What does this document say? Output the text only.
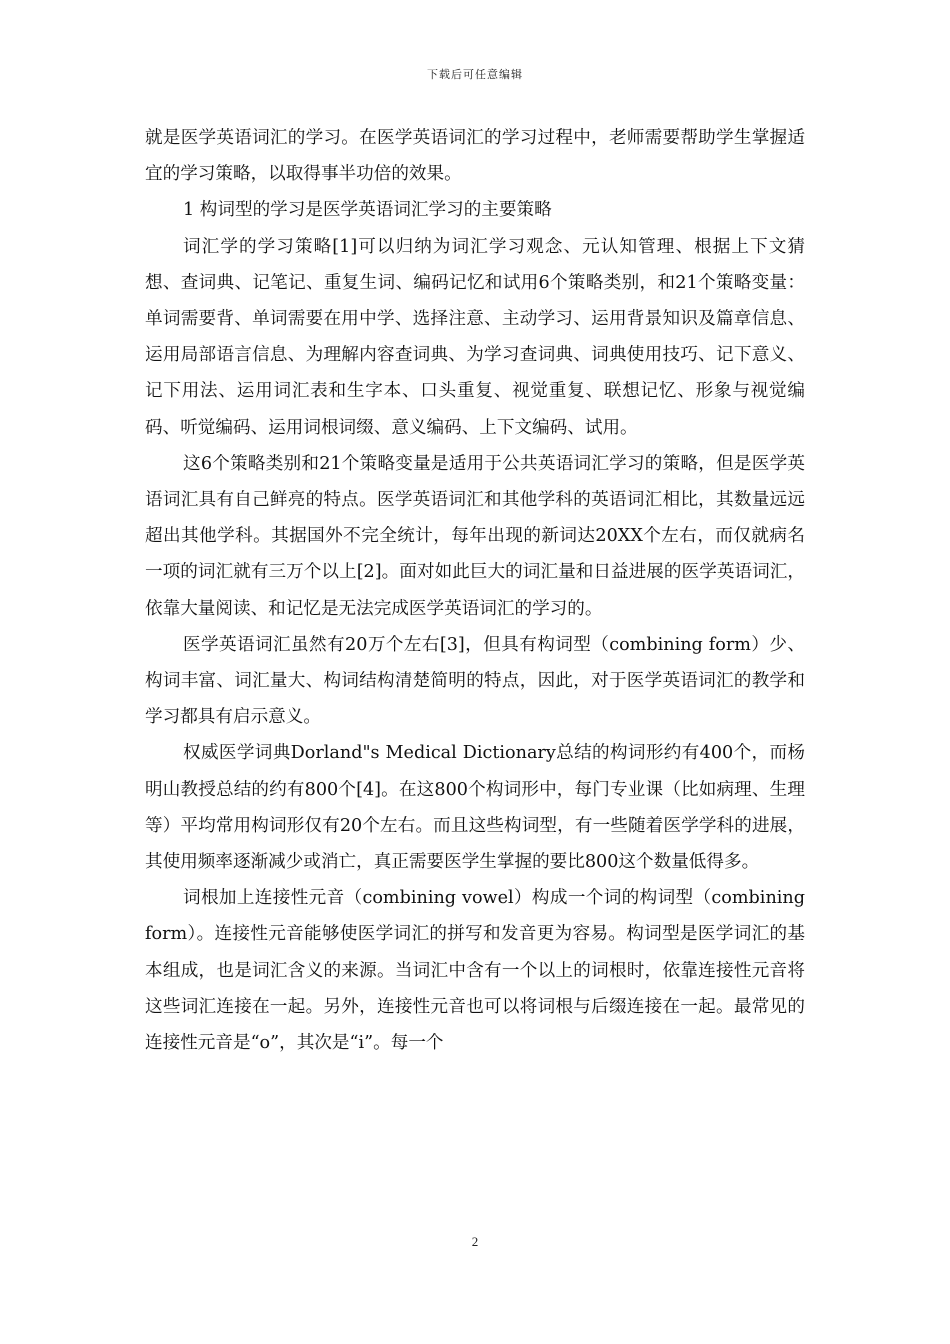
下载后可任意编辑

就是医学英语词汇的学习。在医学英语词汇的学习过程中，老师需要帮助学生掌握适宜的学习策略，以取得事半功倍的效果。

1 构词型的学习是医学英语词汇学习的主要策略

词汇学的学习策略[1]可以归纳为词汇学习观念、元认知管理、根据上下文猜想、查词典、记笔记、重复生词、编码记忆和试用6个策略类别，和21个策略变量：单词需要背、单词需要在用中学、选择注意、主动学习、运用背景知识及篇章信息、运用局部语言信息、为理解内容查词典、为学习查词典、词典使用技巧、记下意义、记下用法、运用词汇表和生字本、口头重复、视觉重复、联想记忆、形象与视觉编码、听觉编码、运用词根词缀、意义编码、上下文编码、试用。

这6个策略类别和21个策略变量是适用于公共英语词汇学习的策略，但是医学英语词汇具有自己鲜亮的特点。医学英语词汇和其他学科的英语词汇相比，其数量远远超出其他学科。其据国外不完全统计，每年出现的新词达20XX个左右，而仅就病名一项的词汇就有三万个以上[2]。面对如此巨大的词汇量和日益进展的医学英语词汇，依靠大量阅读、和记忆是无法完成医学英语词汇的学习的。

医学英语词汇虽然有20万个左右[3]，但具有构词型（combining form）少、构词丰富、词汇量大、构词结构清楚简明的特点，因此，对于医学英语词汇的教学和学习都具有启示意义。

权威医学词典Dorland"s Medical Dictionary总结的构词形约有400个，而杨明山教授总结的约有800个[4]。在这800个构词形中，每门专业课（比如病理、生理等）平均常用构词形仅有20个左右。而且这些构词型，有一些随着医学学科的进展，其使用频率逐渐减少或消亡，真正需要医学生掌握的要比800这个数量低得多。

词根加上连接性元音（combining vowel）构成一个词的构词型（combining form）。连接性元音能够使医学词汇的拼写和发音更为容易。构词型是医学词汇的基本组成，也是词汇含义的来源。当词汇中含有一个以上的词根时，依靠连接性元音将这些词汇连接在一起。另外，连接性元音也可以将词根与后缀连接在一起。最常见的连接性元音是“o”，其次是“i”。每一个

2
